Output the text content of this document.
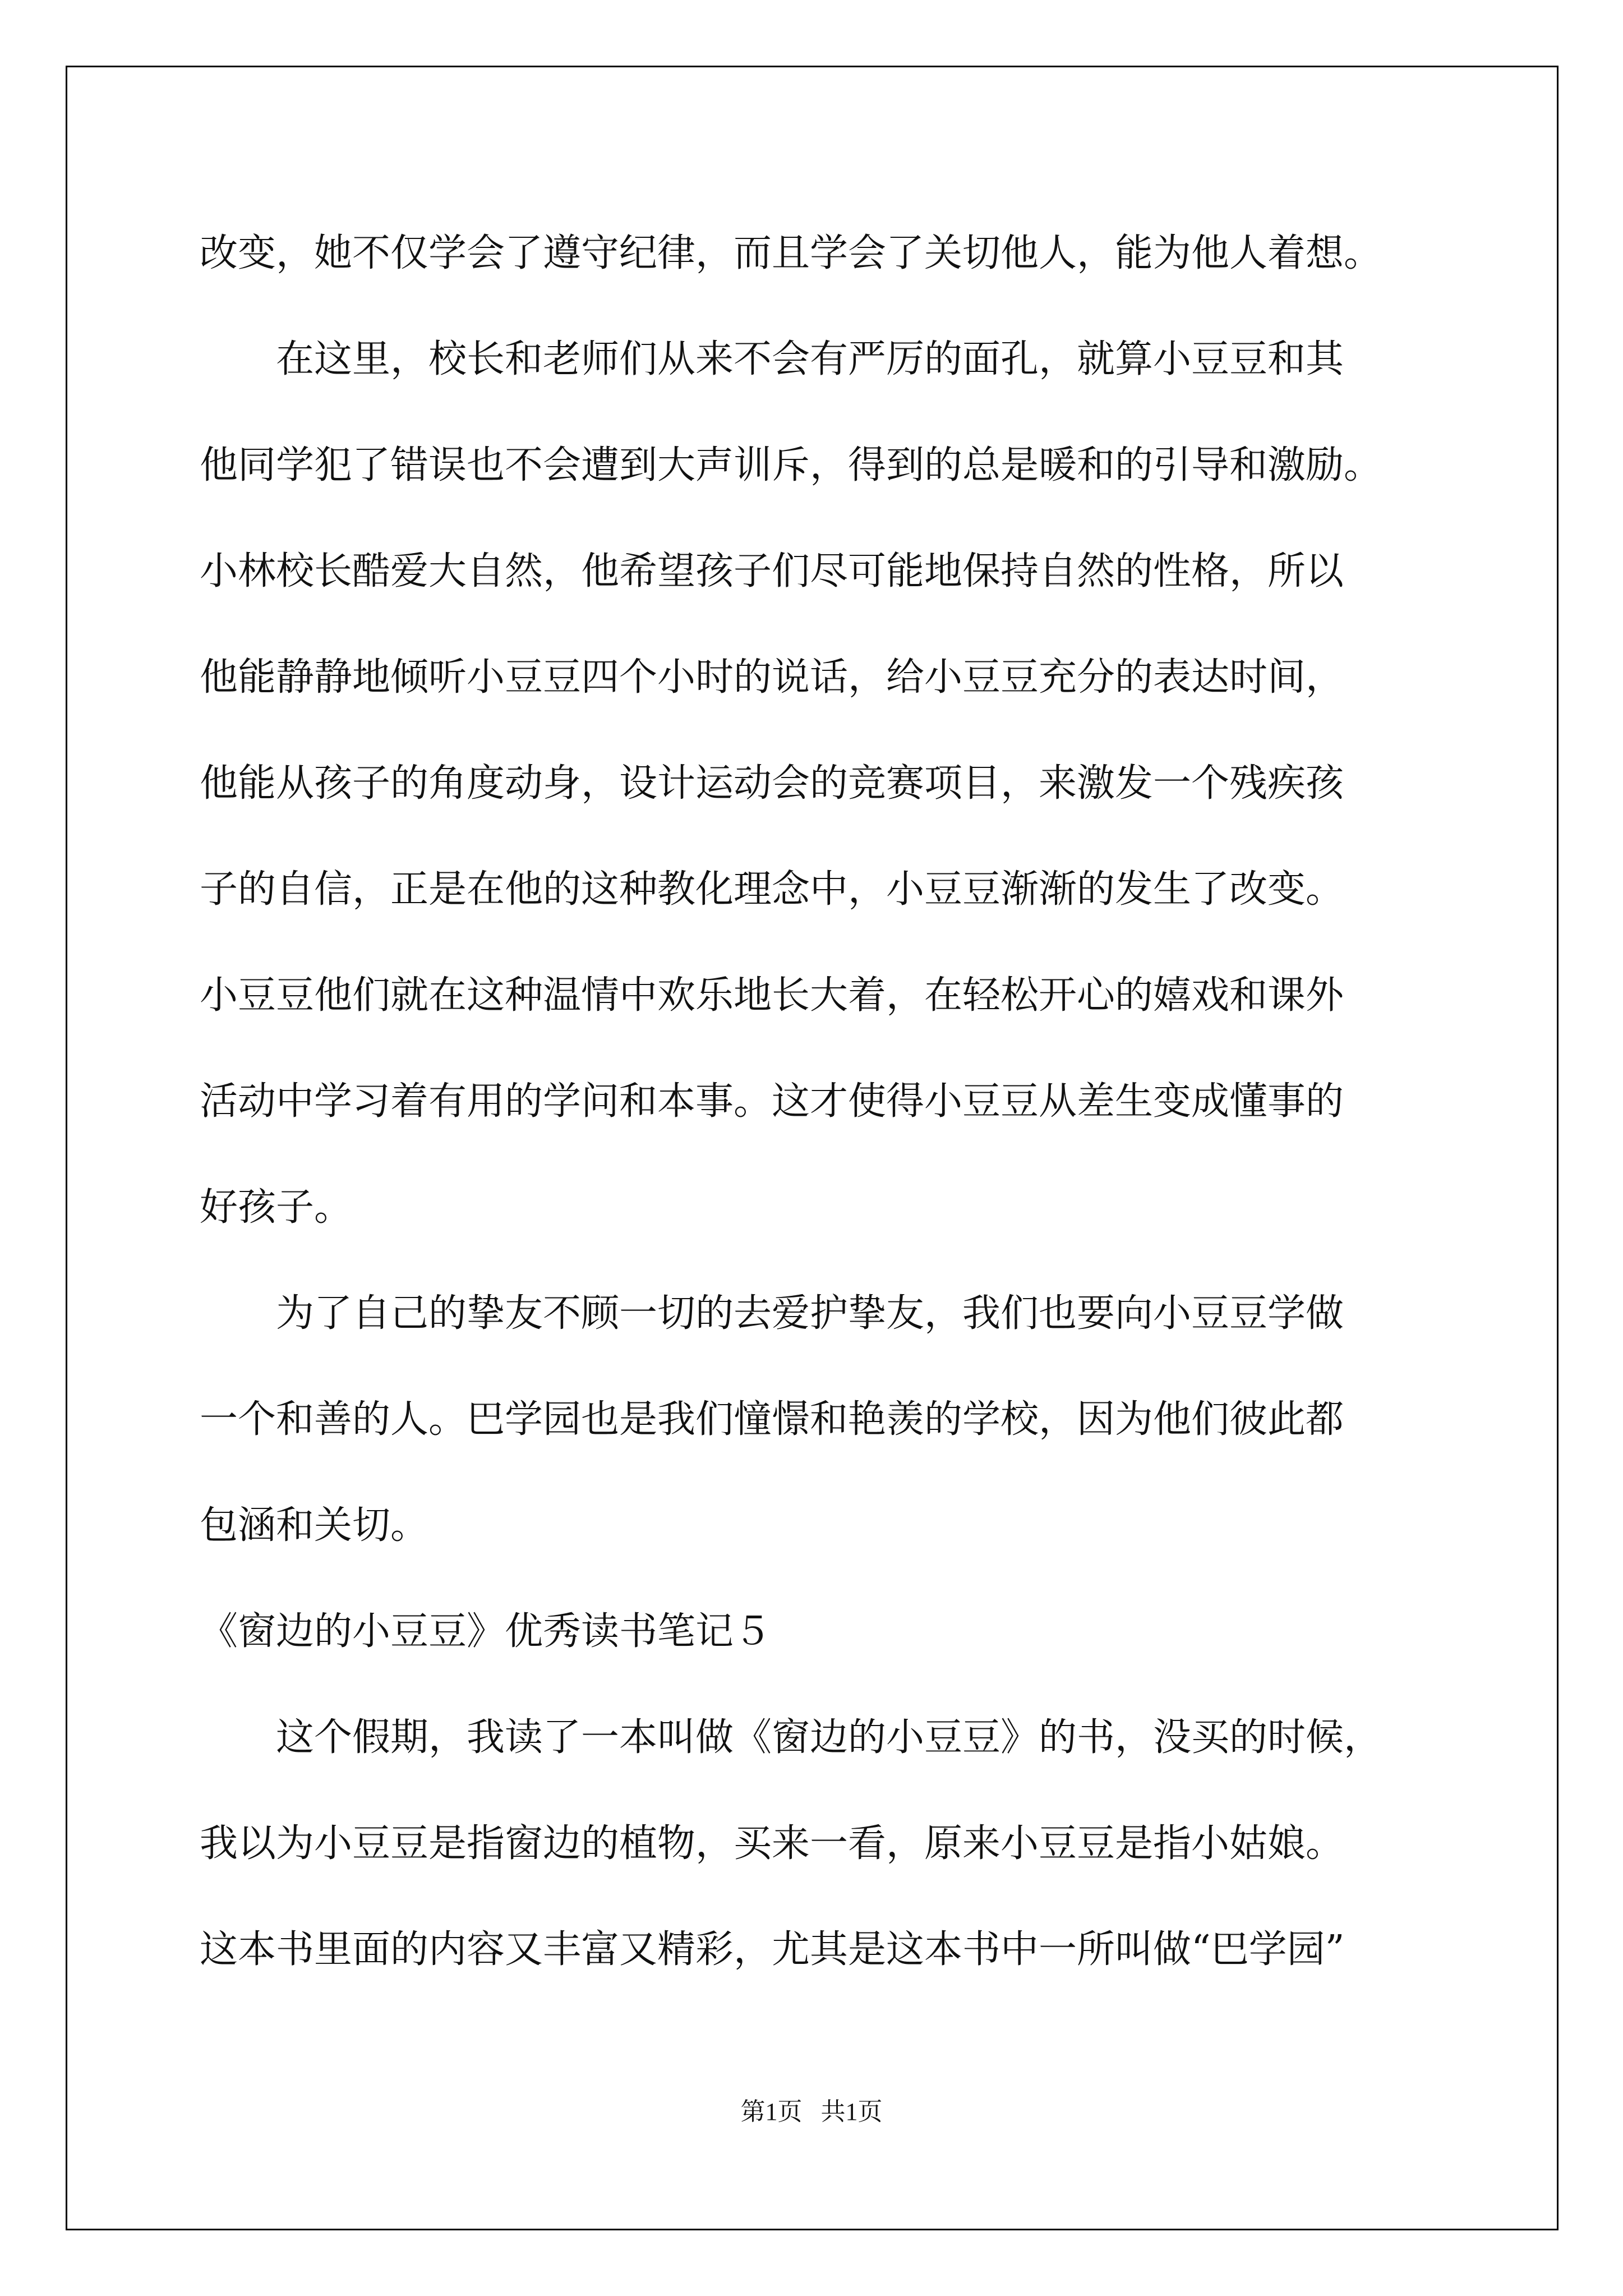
改变，她不仅学会了遵守纪律，而且学会了关切他人，能为他人着想。
　　在这里，校长和老师们从来不会有严厉的面孔，就算小豆豆和其
他同学犯了错误也不会遭到大声训斥，得到的总是暖和的引导和激励。
小林校长酷爱大自然，他希望孩子们尽可能地保持自然的性格，所以
他能静静地倾听小豆豆四个小时的说话，给小豆豆充分的表达时间，
他能从孩子的角度动身，设计运动会的竞赛项目，来激发一个残疾孩
子的自信，正是在他的这种教化理念中，小豆豆渐渐的发生了改变。
小豆豆他们就在这种温情中欢乐地长大着，在轻松开心的嬉戏和课外
活动中学习着有用的学问和本事。这才使得小豆豆从差生变成懂事的
好孩子。
　　为了自己的挚友不顾一切的去爱护挚友，我们也要向小豆豆学做
一个和善的人。巴学园也是我们憧憬和艳羡的学校，因为他们彼此都
包涵和关切。
《窗边的小豆豆》优秀读书笔记５
　　这个假期，我读了一本叫做《窗边的小豆豆》的书，没买的时候，
我以为小豆豆是指窗边的植物，买来一看，原来小豆豆是指小姑娘。
这本书里面的内容又丰富又精彩，尤其是这本书中一所叫做“巴学园”
第1页   共1页
